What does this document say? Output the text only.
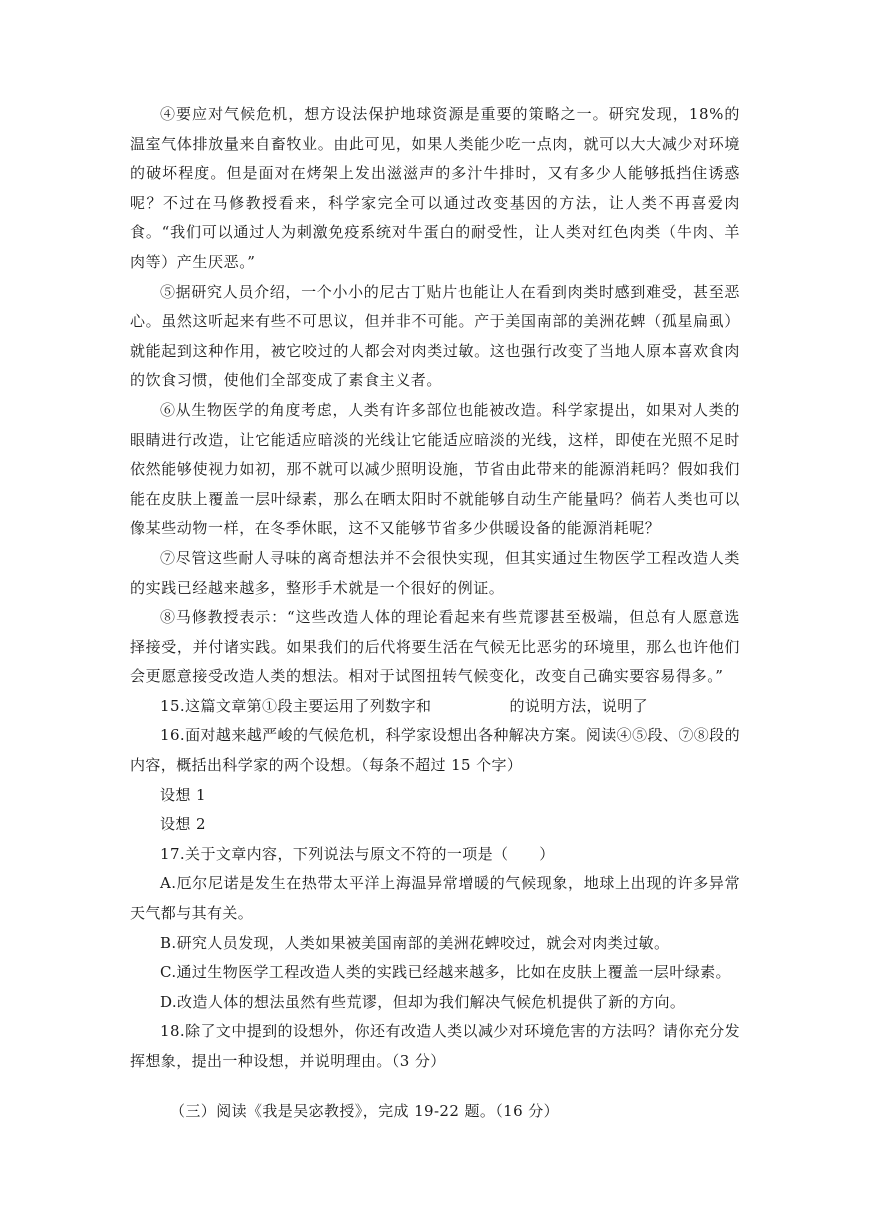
④要应对气候危机，想方设法保护地球资源是重要的策略之一。研究发现，18%的温室气体排放量来自畜牧业。由此可见，如果人类能少吃一点肉，就可以大大减少对环境的破坏程度。但是面对在烤架上发出滋滋声的多汁牛排时，又有多少人能够抵挡住诱惑呢？不过在马修教授看来，科学家完全可以通过改变基因的方法，让人类不再喜爱肉食。“我们可以通过人为刺激免疫系统对牛蛋白的耐受性，让人类对红色肉类（牛肉、羊肉等）产生厌恶。”

⑤据研究人员介绍，一个小小的尼古丁贴片也能让人在看到肉类时感到难受，甚至恶心。虽然这听起来有些不可思议，但并非不可能。产于美国南部的美洲花蜱（孤星扁虱）就能起到这种作用，被它咬过的人都会对肉类过敏。这也强行改变了当地人原本喜欢食肉的饮食习惯，使他们全部变成了素食主义者。

⑥从生物医学的角度考虑，人类有许多部位也能被改造。科学家提出，如果对人类的眼睛进行改造，让它能适应暗淡的光线让它能适应暗淡的光线，这样，即使在光照不足时依然能够使视力如初，那不就可以减少照明设施，节省由此带来的能源消耗吗？假如我们能在皮肤上覆盖一层叶绿素，那么在晒太阳时不就能够自动生产能量吗？倘若人类也可以像某些动物一样，在冬季休眠，这不又能够节省多少供暖设备的能源消耗呢？

⑦尽管这些耐人寻味的离奇想法并不会很快实现，但其实通过生物医学工程改造人类的实践已经越来越多，整形手术就是一个很好的例证。

⑧马修教授表示：“这些改造人体的理论看起来有些荒谬甚至极端，但总有人愿意选择接受，并付诸实践。如果我们的后代将要生活在气候无比恶劣的环境里，那么也许他们会更愿意接受改造人类的想法。相对于试图扭转气候变化，改变自己确实要容易得多。”

15.这篇文章第①段主要运用了列数字和	的说明方法，说明了

16.面对越来越严峻的气候危机，科学家设想出各种解决方案。阅读④⑤段、⑦⑧段的内容，概括出科学家的两个设想。（每条不超过 15 个字）

设想 1

设想 2

17.关于文章内容，下列说法与原文不符的一项是（　　）

A.厄尔尼诺是发生在热带太平洋上海温异常增暖的气候现象，地球上出现的许多异常天气都与其有关。

B.研究人员发现，人类如果被美国南部的美洲花蜱咬过，就会对肉类过敏。

C.通过生物医学工程改造人类的实践已经越来越多，比如在皮肤上覆盖一层叶绿素。

D.改造人体的想法虽然有些荒谬，但却为我们解决气候危机提供了新的方向。

18.除了文中提到的设想外，你还有改造人类以减少对环境危害的方法吗？请你充分发挥想象，提出一种设想，并说明理由。（3 分）

（三）阅读《我是吴宓教授》，完成 19-22 题。（16 分）
